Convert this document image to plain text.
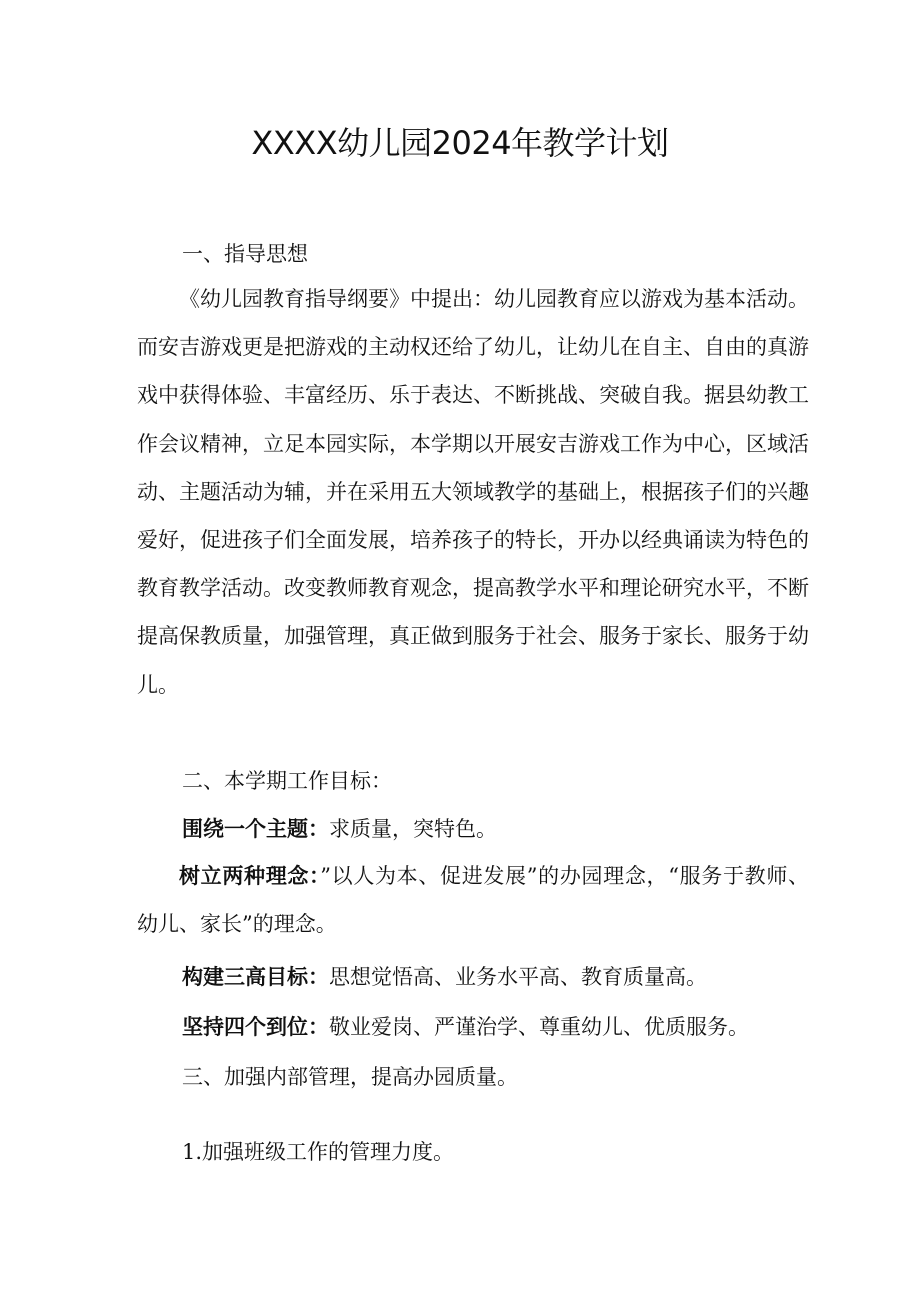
XXXX幼儿园2024年教学计划
一、指导思想

《幼儿园教育指导纲要》中提出：幼儿园教育应以游戏为基本活动。而安吉游戏更是把游戏的主动权还给了幼儿，让幼儿在自主、自由的真游戏中获得体验、丰富经历、乐于表达、不断挑战、突破自我。据县幼教工作会议精神，立足本园实际，本学期以开展安吉游戏工作为中心，区域活动、主题活动为辅，并在采用五大领域教学的基础上，根据孩子们的兴趣爱好，促进孩子们全面发展，培养孩子的特长，开办以经典诵读为特色的教育教学活动。改变教师教育观念，提高教学水平和理论研究水平，不断提高保教质量，加强管理，真正做到服务于社会、服务于家长、服务于幼儿。

二、本学期工作目标：

围绕一个主题：求质量，突特色。

树立两种理念：”以人为本、促进发展”的办园理念，“服务于教师、幼儿、家长”的理念。

构建三高目标：思想觉悟高、业务水平高、教育质量高。

坚持四个到位：敬业爱岗、严谨治学、尊重幼儿、优质服务。

三、加强内部管理，提高办园质量。

1.加强班级工作的管理力度。
